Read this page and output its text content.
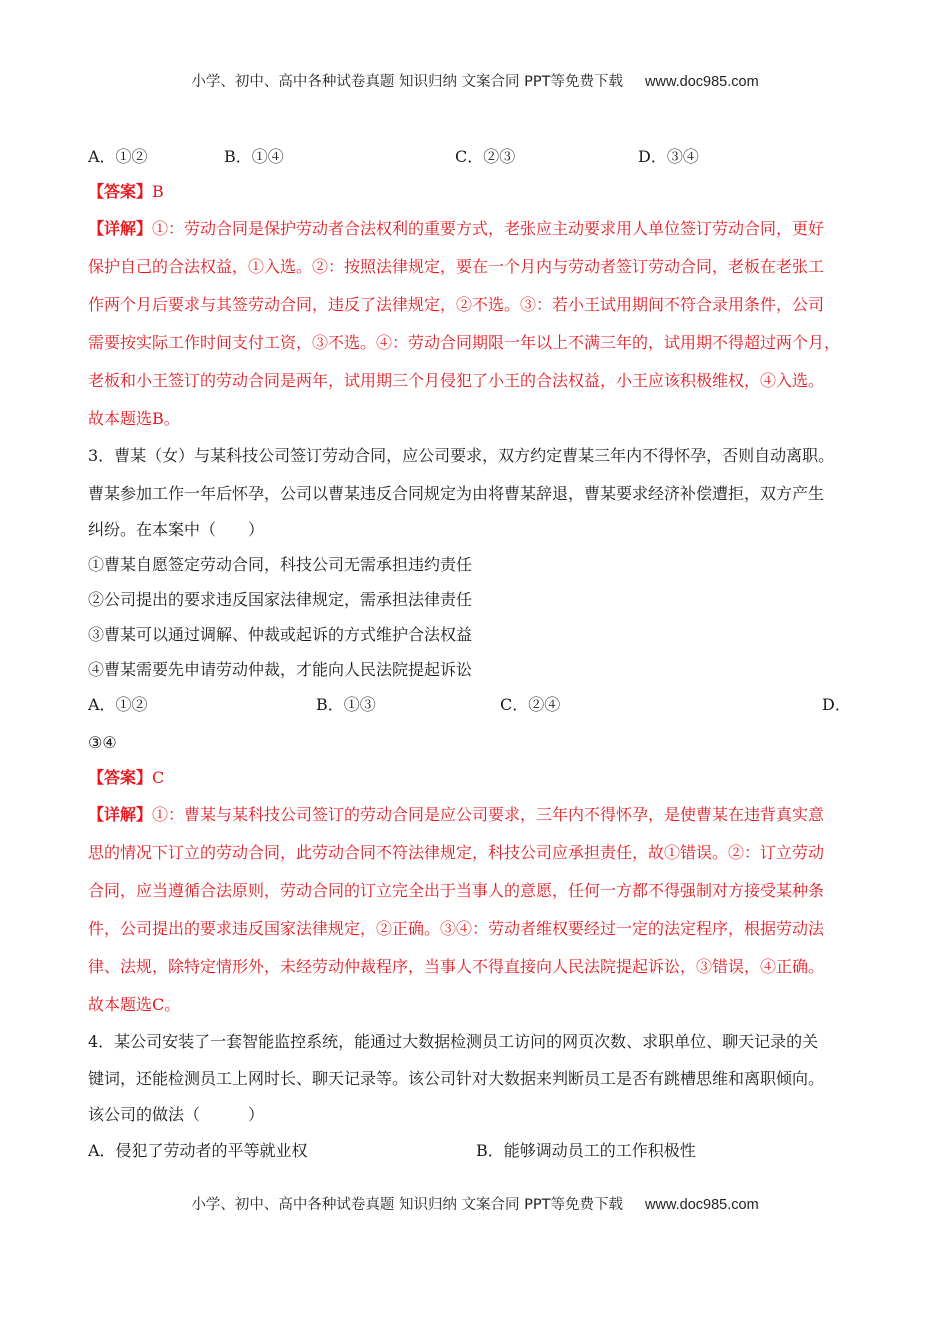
小学、初中、高中各种试卷真题 知识归纳 文案合同 PPT等免费下载 www.doc985.com
A．①②	B．①④	C．②③	D．③④
【答案】B
【详解】①：劳动合同是保护劳动者合法权利的重要方式，老张应主动要求用人单位签订劳动合同，更好
保护自己的合法权益，①入选。②：按照法律规定，要在一个月内与劳动者签订劳动合同，老板在老张工
作两个月后要求与其签劳动合同，违反了法律规定，②不选。③：若小王试用期间不符合录用条件，公司
需要按实际工作时间支付工资，③不选。④：劳动合同期限一年以上不满三年的，试用期不得超过两个月，
老板和小王签订的劳动合同是两年，试用期三个月侵犯了小王的合法权益，小王应该积极维权，④入选。
故本题选B。
3．曹某（女）与某科技公司签订劳动合同，应公司要求，双方约定曹某三年内不得怀孕，否则自动离职。
曹某参加工作一年后怀孕，公司以曹某违反合同规定为由将曹某辞退，曹某要求经济补偿遭拒，双方产生
纠纷。在本案中（　　）
①曹某自愿签定劳动合同，科技公司无需承担违约责任
②公司提出的要求违反国家法律规定，需承担法律责任
③曹某可以通过调解、仲裁或起诉的方式维护合法权益
④曹某需要先申请劳动仲裁，才能向人民法院提起诉讼
A．①②	B．①③	C．②④	D．
③④
【答案】C
【详解】①：曹某与某科技公司签订的劳动合同是应公司要求，三年内不得怀孕，是使曹某在违背真实意
思的情况下订立的劳动合同，此劳动合同不符法律规定，科技公司应承担责任，故①错误。②：订立劳动
合同，应当遵循合法原则，劳动合同的订立完全出于当事人的意愿，任何一方都不得强制对方接受某种条
件，公司提出的要求违反国家法律规定，②正确。③④：劳动者维权要经过一定的法定程序，根据劳动法
律、法规，除特定情形外，未经劳动仲裁程序，当事人不得直接向人民法院提起诉讼，③错误，④正确。
故本题选C。
4．某公司安装了一套智能监控系统，能通过大数据检测员工访问的网页次数、求职单位、聊天记录的关
键词，还能检测员工上网时长、聊天记录等。该公司针对大数据来判断员工是否有跳槽思维和离职倾向。
该公司的做法（　　　）
A．侵犯了劳动者的平等就业权	B．能够调动员工的工作积极性
小学、初中、高中各种试卷真题 知识归纳 文案合同 PPT等免费下载 www.doc985.com
